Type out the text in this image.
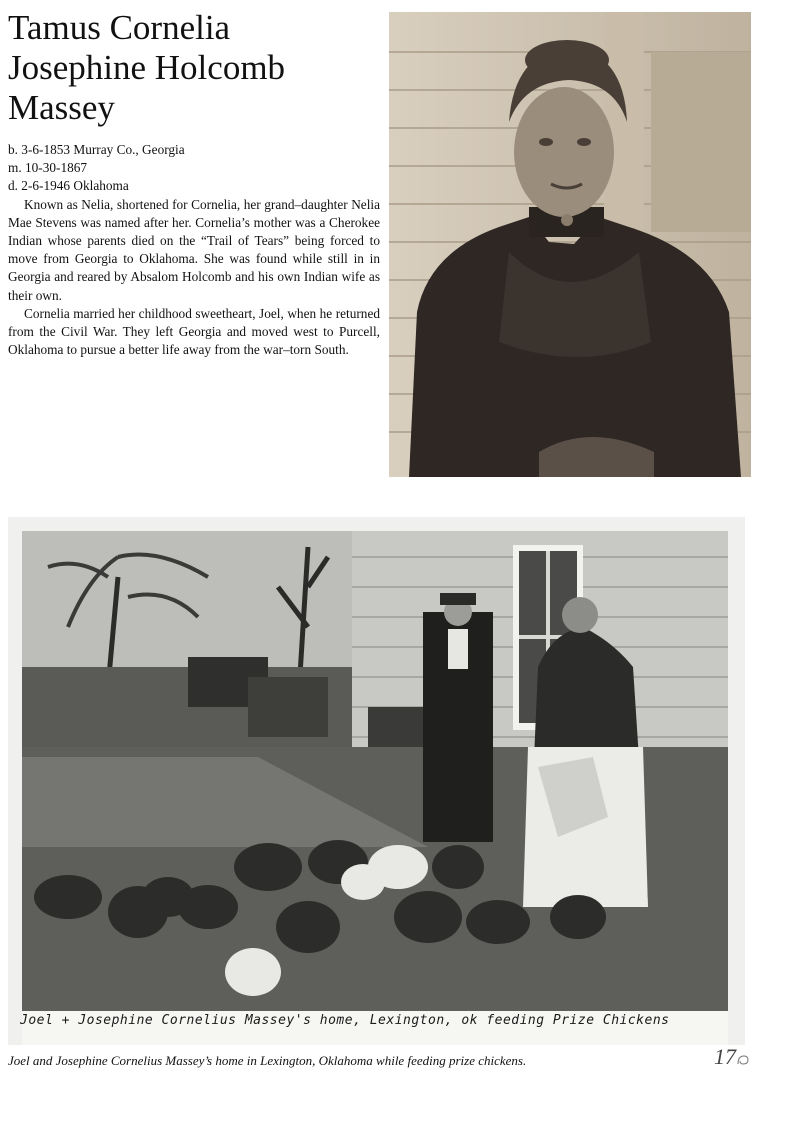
Tamus Cornelia
Josephine Holcomb
Massey
b. 3-6-1853 Murray Co., Georgia
m. 10-30-1867
d. 2-6-1946 Oklahoma

Known as Nelia, shortened for Cornelia, her grand–daughter Nelia Mae Stevens was named after her. Cornelia’s mother was a Cherokee Indian whose parents died on the “Trail of Tears” being forced to move from Georgia to Oklahoma. She was found while still in in Georgia and reared by Absalom Holcomb and his own Indian wife as their own.

Cornelia married her childhood sweetheart, Joel, when he returned from the Civil War. They left Georgia and moved west to Purcell, Oklahoma to pursue a better life away from the war–torn South.

Joel + Josephine Cornelius Massey's home, Lexington, ok feeding Prize Chickens
Joel and Josephine Cornelius Massey’s home in Lexington, Oklahoma while feeding prize chickens.	17
